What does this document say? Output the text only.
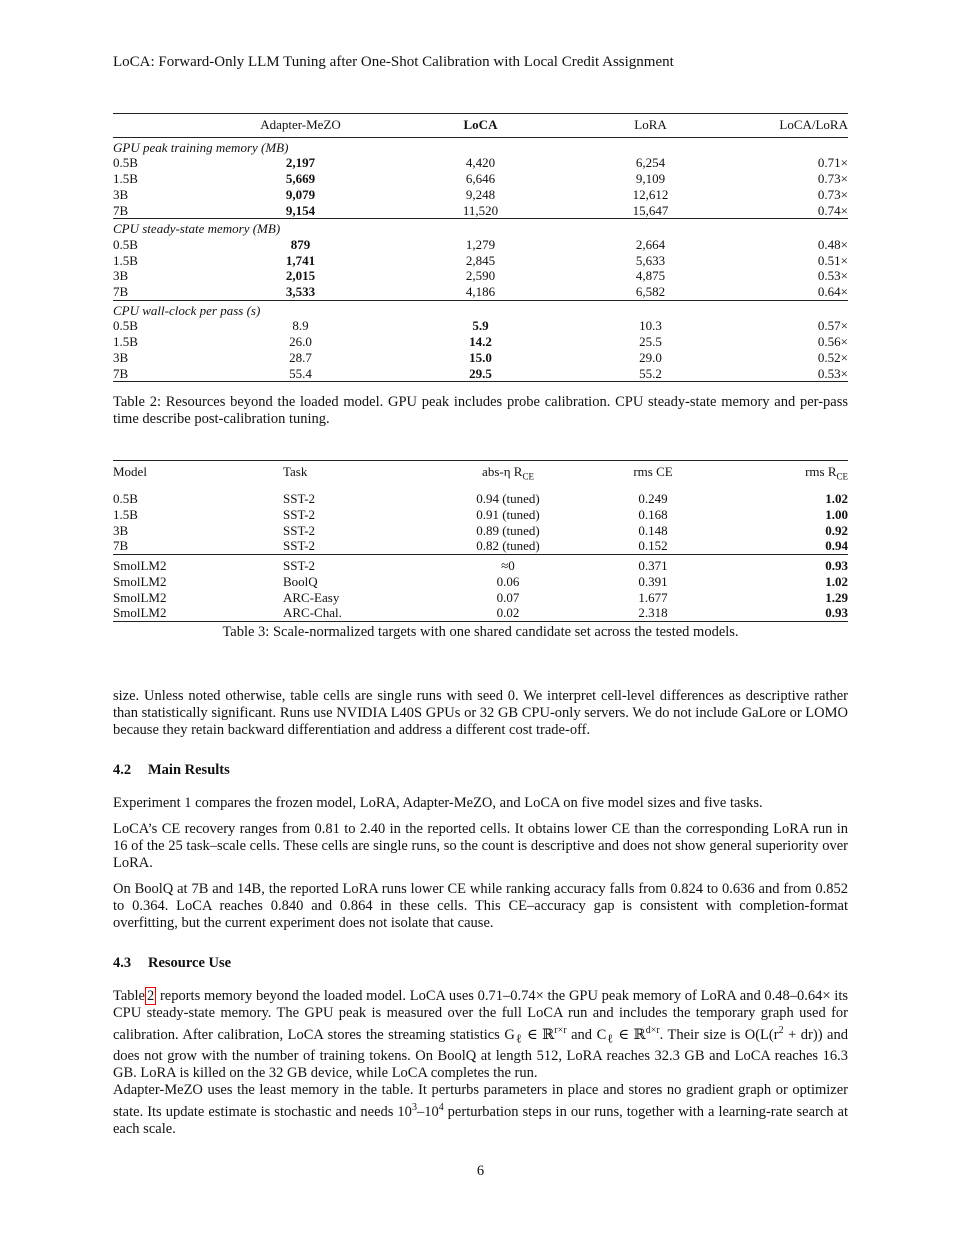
LoCA: Forward-Only LLM Tuning after One-Shot Calibration with Local Credit Assignment
	Adapter-MeZO	LoCA	LoRA	LoCA/LoRA
GPU peak training memory (MB)				
0.5B	2,197	4,420	6,254	0.71×
1.5B	5,669	6,646	9,109	0.73×
3B	9,079	9,248	12,612	0.73×
7B	9,154	11,520	15,647	0.74×
CPU steady-state memory (MB)				
0.5B	879	1,279	2,664	0.48×
1.5B	1,741	2,845	5,633	0.51×
3B	2,015	2,590	4,875	0.53×
7B	3,533	4,186	6,582	0.64×
CPU wall-clock per pass (s)				
0.5B	8.9	5.9	10.3	0.57×
1.5B	26.0	14.2	25.5	0.56×
3B	28.7	15.0	29.0	0.52×
7B	55.4	29.5	55.2	0.53×
Table 2: Resources beyond the loaded model. GPU peak includes probe calibration. CPU steady-state memory and per-pass time describe post-calibration tuning.
Model	Task	abs-η $R_{CE}$	rms CE	rms $R_{CE}$
0.5B	SST-2	0.94 (tuned)	0.249	1.02
1.5B	SST-2	0.91 (tuned)	0.168	1.00
3B	SST-2	0.89 (tuned)	0.148	0.92
7B	SST-2	0.82 (tuned)	0.152	0.94
SmolLM2	SST-2	≈0	0.371	0.93
SmolLM2	BoolQ	0.06	0.391	1.02
SmolLM2	ARC-Easy	0.07	1.677	1.29
SmolLM2	ARC-Chal.	0.02	2.318	0.93
Table 3: Scale-normalized targets with one shared candidate set across the tested models.
size. Unless noted otherwise, table cells are single runs with seed 0. We interpret cell-level differences as descriptive rather than statistically significant. Runs use NVIDIA L40S GPUs or 32 GB CPU-only servers. We do not include GaLore or LOMO because they retain backward differentiation and address a different cost trade-off.
4.2 Main Results
Experiment 1 compares the frozen model, LoRA, Adapter-MeZO, and LoCA on five model sizes and five tasks.
LoCA’s CE recovery ranges from 0.81 to 2.40 in the reported cells. It obtains lower CE than the corresponding LoRA run in 16 of the 25 task–scale cells. These cells are single runs, so the count is descriptive and does not show general superiority over LoRA.
On BoolQ at 7B and 14B, the reported LoRA runs lower CE while ranking accuracy falls from 0.824 to 0.636 and from 0.852 to 0.364. LoCA reaches 0.840 and 0.864 in these cells. This CE–accuracy gap is consistent with completion-format overfitting, but the current experiment does not isolate that cause.
4.3 Resource Use
Table 2 reports memory beyond the loaded model. LoCA uses 0.71–0.74× the GPU peak memory of LoRA and 0.48–0.64× its CPU steady-state memory. The GPU peak is measured over the full LoCA run and includes the temporary graph used for calibration. After calibration, LoCA stores the streaming statistics $G_\ell$ ∈ ℝ$^{r\times r}$ and $C_\ell$ ∈ ℝ$^{d\times r}$. Their size is $O(L(r^2 + dr))$ and does not grow with the number of training tokens. On BoolQ at length 512, LoRA reaches 32.3 GB and LoCA reaches 16.3 GB. LoRA is killed on the 32 GB device, while LoCA completes the run.
Adapter-MeZO uses the least memory in the table. It perturbs parameters in place and stores no gradient graph or optimizer state. Its update estimate is stochastic and needs $10^3-10^4$ perturbation steps in our runs, together with a learning-rate search at each scale.
6
